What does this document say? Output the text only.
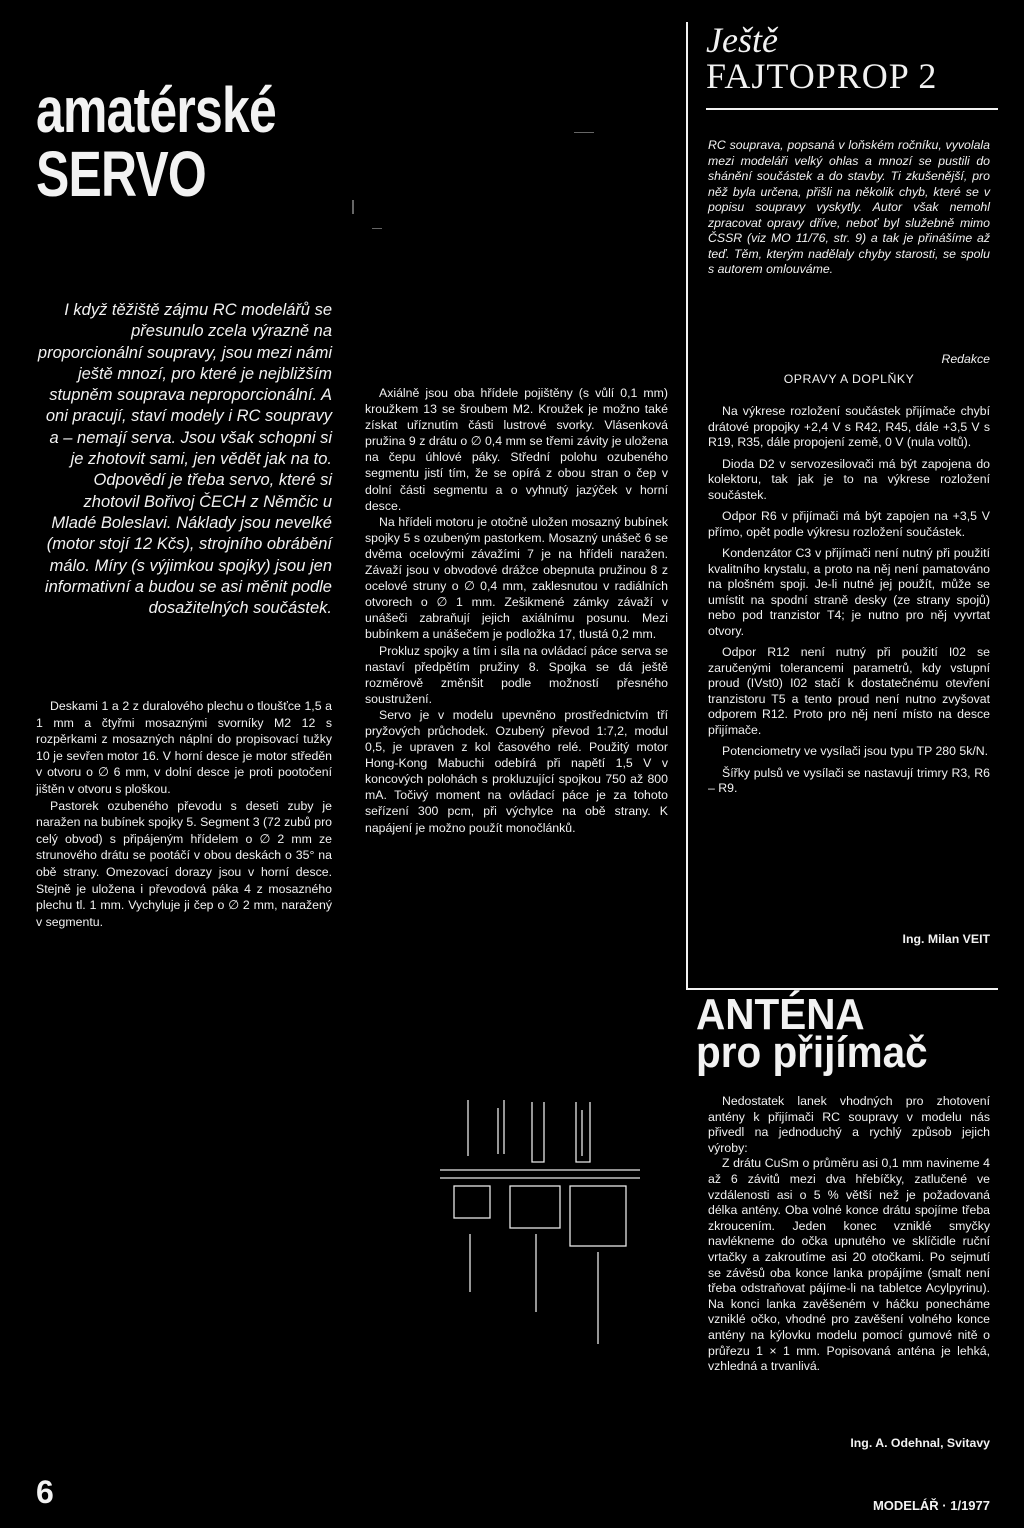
amatérské
SERVO

I když těžiště zájmu RC modelářů se přesunulo zcela výrazně na proporcionální soupravy, jsou mezi námi ještě mnozí, pro které je nejbližším stupněm souprava neproporcionální. A oni pracují, staví modely i RC soupravy a – nemají serva. Jsou však schopni si je zhotovit sami, jen vědět jak na to. Odpovědí je třeba servo, které si zhotovil Bořivoj ČECH z Němčic u Mladé Boleslavi. Náklady jsou nevelké (motor stojí 12 Kčs), strojního obrábění málo. Míry (s výjimkou spojky) jsou jen informativní a budou se asi měnit podle dosažitelných součástek.

Deskami 1 a 2 z duralového plechu o tloušťce 1,5 a 1 mm a čtyřmi mosaznými svorníky M2 12 s rozpěrkami z mosazných náplní do propisovací tužky 10 je sevřen motor 16. V horní desce je motor středěn v otvoru o ∅ 6 mm, v dolní desce je proti pootočení jištěn v otvoru s ploškou.

Pastorek ozubeného převodu s deseti zuby je naražen na bubínek spojky 5. Segment 3 (72 zubů pro celý obvod) s připájeným hřídelem o ∅ 2 mm ze strunového drátu se pootáčí v obou deskách o 35° na obě strany. Omezovací dorazy jsou v horní desce. Stejně je uložena i převodová páka 4 z mosazného plechu tl. 1 mm. Vychyluje ji čep o ∅ 2 mm, naražený v segmentu.

Axiálně jsou oba hřídele pojištěny (s vůlí 0,1 mm) kroužkem 13 se šroubem M2. Kroužek je možno také získat uříznutím části lustrové svorky. Vlásenková pružina 9 z drátu o ∅ 0,4 mm se třemi závity je uložena na čepu úhlové páky. Střední polohu ozubeného segmentu jistí tím, že se opírá z obou stran o čep v dolní části segmentu a o vyhnutý jazýček v horní desce.

Na hřídeli motoru je otočně uložen mosazný bubínek spojky 5 s ozubeným pastorkem. Mosazný unášeč 6 se dvěma ocelovými závažími 7 je na hřídeli naražen. Závaží jsou v obvodové drážce obepnuta pružinou 8 z ocelové struny o ∅ 0,4 mm, zaklesnutou v radiálních otvorech o ∅ 1 mm. Zešikmené zámky závaží v unášeči zabraňují jejich axiálnímu posunu. Mezi bubínkem a unášečem je podložka 17, tlustá 0,2 mm.

Prokluz spojky a tím i síla na ovládací páce serva se nastaví předpětím pružiny 8. Spojka se dá ještě rozměrově změnšit podle možností přesného soustružení.

Servo je v modelu upevněno prostřednictvím tří pryžových průchodek. Ozubený převod 1:7,2, modul 0,5, je upraven z kol časového relé. Použitý motor Hong-Kong Mabuchi odebírá při napětí 1,5 V v koncových polohách s prokluzující spojkou 750 až 800 mA. Točivý moment na ovládací páce je za tohoto seřízení 300 pcm, při výchylce na obě strany. K napájení je možno použít monočlánků.

Ještě
FAJTOPROP 2

RC souprava, popsaná v loňském ročníku, vyvolala mezi modeláři velký ohlas a mnozí se pustili do shánění součástek a do stavby. Ti zkušenější, pro něž byla určena, přišli na několik chyb, které se v popisu soupravy vyskytly. Autor však nemohl zpracovat opravy dříve, neboť byl služebně mimo ČSSR (viz MO 11/76, str. 9) a tak je přinášíme až teď. Těm, kterým nadělaly chyby starosti, se spolu s autorem omlouváme.

Redakce
OPRAVY A DOPLŇKY

Na výkrese rozložení součástek přijímače chybí drátové propojky +2,4 V s R42, R45, dále +3,5 V s R19, R35, dále propojení země, 0 V (nula voltů).

Dioda D2 v servozesilovači má být zapojena do kolektoru, tak jak je to na výkrese rozložení součástek.

Odpor R6 v přijímači má být zapojen na +3,5 V přímo, opět podle výkresu rozložení součástek.

Kondenzátor C3 v přijímači není nutný při použití kvalitního krystalu, a proto na něj není pamatováno na plošném spoji. Je-li nutné jej použít, může se umístit na spodní straně desky (ze strany spojů) nebo pod tranzistor T4; je nutno pro něj vyvrtat otvory.

Odpor R12 není nutný při použití I02 se zaručenými tolerancemi parametrů, kdy vstupní proud (IVst0) I02 stačí k dostatečnému otevření tranzistoru T5 a tento proud není nutno zvyšovat odporem R12. Proto pro něj není místo na desce přijímače.

Potenciometry ve vysílači jsou typu TP 280 5k/N.

Šířky pulsů ve vysílači se nastavují trimry R3, R6 – R9.

Ing. Milan VEIT
ANTÉNA
pro přijímač

Nedostatek lanek vhodných pro zhotovení antény k přijímači RC soupravy v modelu nás přivedl na jednoduchý a rychlý způsob jejich výroby:

Z drátu CuSm o průměru asi 0,1 mm navineme 4 až 6 závitů mezi dva hřebíčky, zatlučené ve vzdálenosti asi o 5 % větší než je požadovaná délka antény. Oba volné konce drátu spojíme třeba zkroucením. Jeden konec vzniklé smyčky navlékneme do očka upnutého ve sklíčidle ruční vrtačky a zakroutíme asi 20 otočkami. Po sejmutí se závěsů oba konce lanka propájíme (smalt není třeba odstraňovat pájíme-li na tabletce Acylpyrinu). Na konci lanka zavěšeném v háčku ponecháme vzniklé očko, vhodné pro zavěšení volného konce antény na kýlovku modelu pomocí gumové nitě o průřezu 1 × 1 mm. Popisovaná anténa je lehká, vzhledná a trvanlivá.

Ing. A. Odehnal, Svitavy
6	MODELÁŘ · 1/1977
